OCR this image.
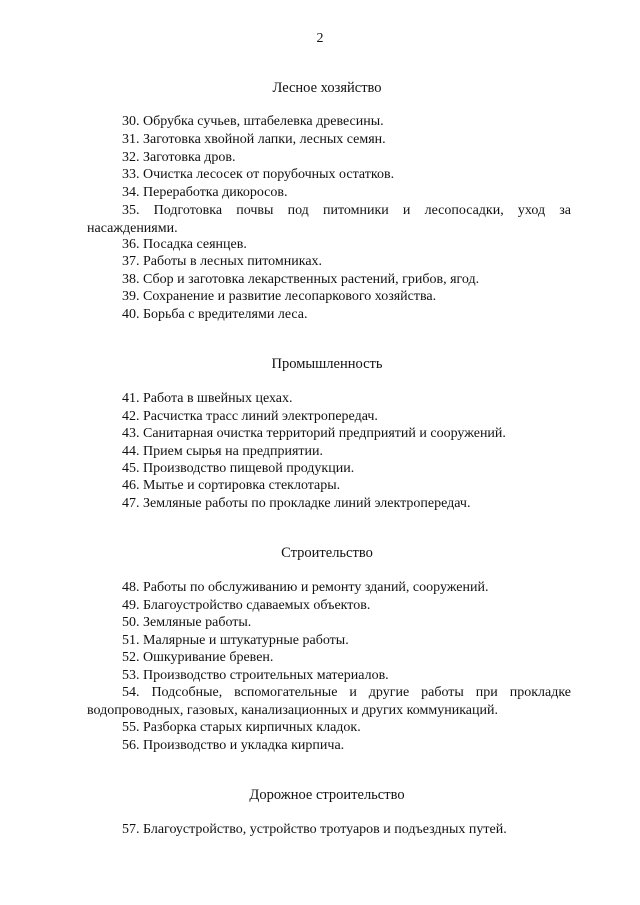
2
Лесное хозяйство
30. Обрубка сучьев, штабелевка древесины.
31. Заготовка хвойной лапки, лесных семян.
32. Заготовка дров.
33. Очистка лесосек от порубочных остатков.
34. Переработка дикоросов.
35. Подготовка почвы под питомники и лесопосадки, уход за насаждениями.
36. Посадка сеянцев.
37. Работы в лесных питомниках.
38. Сбор и заготовка лекарственных растений, грибов, ягод.
39. Сохранение и развитие лесопаркового хозяйства.
40. Борьба с вредителями леса.
Промышленность
41. Работа в швейных цехах.
42. Расчистка трасс линий электропередач.
43. Санитарная очистка территорий предприятий и сооружений.
44. Прием сырья на предприятии.
45. Производство пищевой продукции.
46. Мытье и сортировка стеклотары.
47. Земляные работы по прокладке линий электропередач.
Строительство
48. Работы по обслуживанию и ремонту зданий, сооружений.
49. Благоустройство сдаваемых объектов.
50. Земляные работы.
51. Малярные и штукатурные работы.
52. Ошкуривание бревен.
53. Производство строительных материалов.
54. Подсобные, вспомогательные и другие работы при прокладке водопроводных, газовых, канализационных и других коммуникаций.
55. Разборка старых кирпичных кладок.
56. Производство и укладка кирпича.
Дорожное строительство
57. Благоустройство, устройство тротуаров и подъездных путей.
